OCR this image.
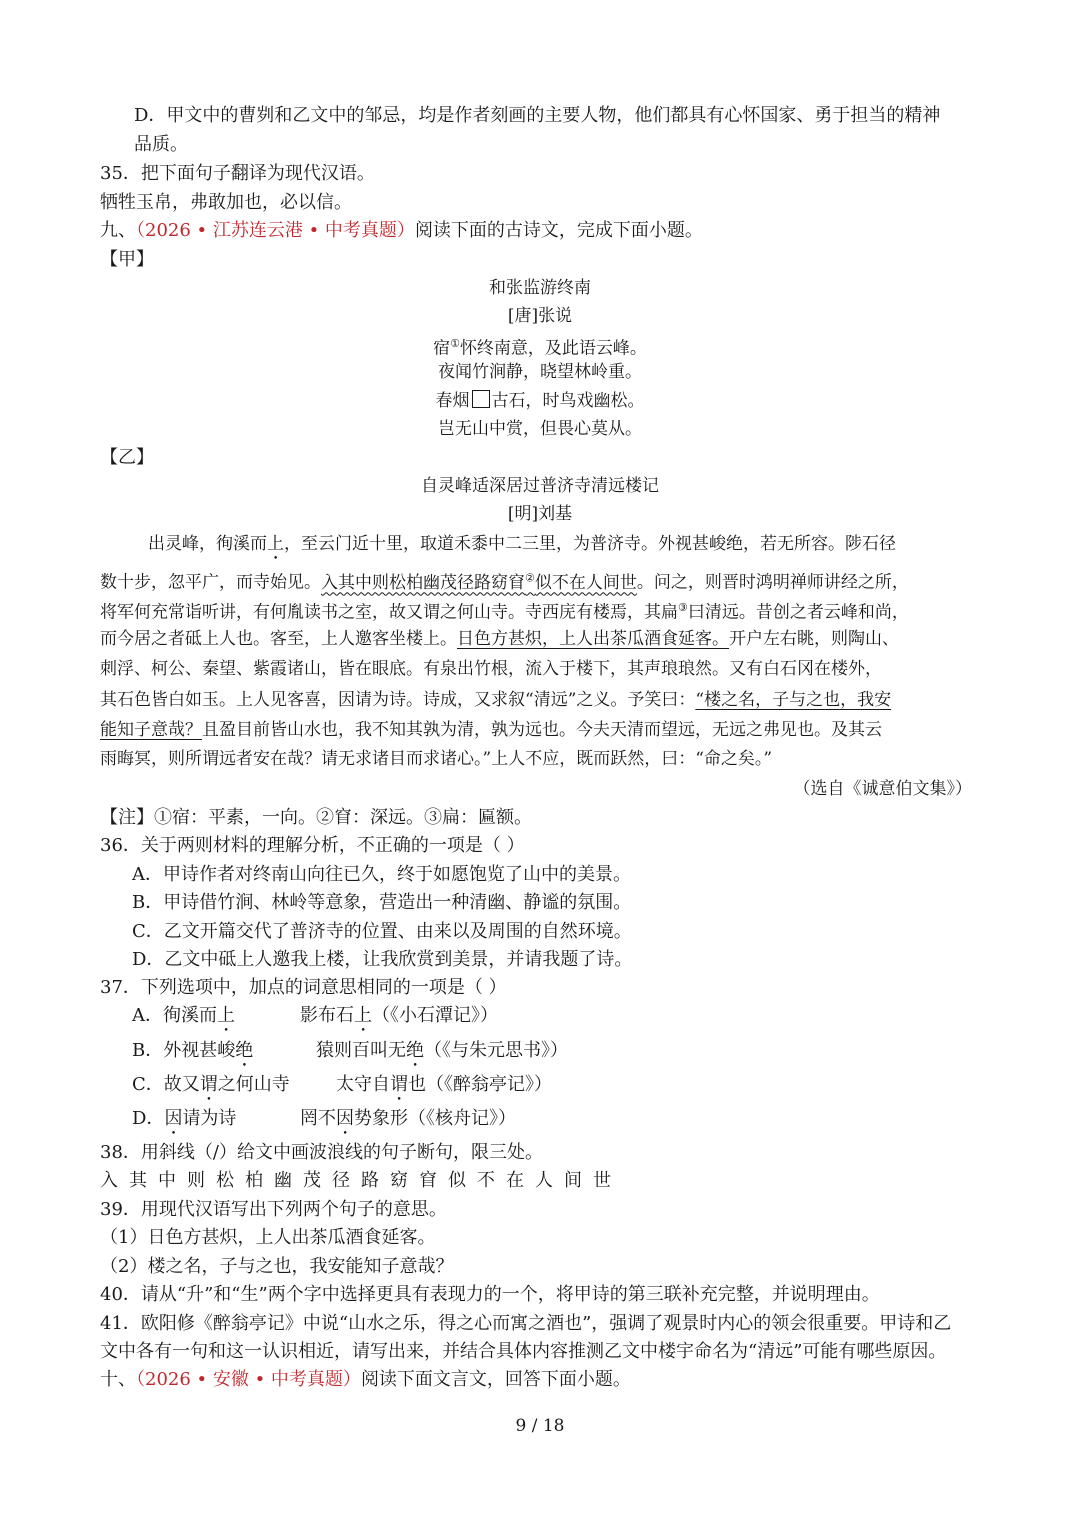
D．甲文中的曹刿和乙文中的邹忌，均是作者刻画的主要人物，他们都具有心怀国家、勇于担当的精神
品质。
35．把下面句子翻译为现代汉语。
牺牲玉帛，弗敢加也，必以信。
九、（2026 • 江苏连云港 • 中考真题）阅读下面的古诗文，完成下面小题。
【甲】
和张监游终南
[唐]张说
宿①怀终南意，及此语云峰。
夜闻竹涧静，晓望林岭重。
春烟 古石，时鸟戏幽松。
岂无山中赏，但畏心莫从。
【乙】
自灵峰适深居过普济寺清远楼记
[明]刘基
出灵峰，徇溪而上，至云门近十里，取道禾黍中二三里，为普济寺。外视甚峻绝，若无所容。陟石径
数十步，忽平广，而寺始见。入其中则松柏幽茂径路窈窅②似不在人间世。问之，则晋时鸿明禅师讲经之所，
将军何充常诣听讲，有何胤读书之室，故又谓之何山寺。寺西庑有楼焉，其扁③曰清远。昔创之者云峰和尚，
而今居之者砥上人也。客至，上人邀客坐楼上。日色方甚炽，上人出茶瓜酒食延客。开户左右眺，则陶山、
刺浮、柯公、秦望、紫霞诸山，皆在眼底。有泉出竹根，流入于楼下，其声琅琅然。又有白石冈在楼外，
其石色皆白如玉。上人见客喜，因请为诗。诗成，又求叙“清远”之义。予笑曰：“楼之名，子与之也，我安
能知子意哉？且盈目前皆山水也，我不知其孰为清，孰为远也。今夫天清而望远，无远之弗见也。及其云
雨晦冥，则所谓远者安在哉？请无求诸目而求诸心。”上人不应，既而跃然，曰：“命之矣。”
（选自《诚意伯文集》）
【注】①宿：平素，一向。②窅：深远。③扁：匾额。
36．关于两则材料的理解分析，不正确的一项是（ ）
A．甲诗作者对终南山向往已久，终于如愿饱览了山中的美景。
B．甲诗借竹涧、林岭等意象，营造出一种清幽、静谧的氛围。
C．乙文开篇交代了普济寺的位置、由来以及周围的自然环境。
D．乙文中砥上人邀我上楼，让我欣赏到美景，并请我题了诗。
37．下列选项中，加点的词意思相同的一项是（ ）
A．徇溪而上	影布石上（《小石潭记》）
B．外视甚峻绝	猿则百叫无绝（《与朱元思书》）
C．故又谓之何山寺	太守自谓也（《醉翁亭记》）
D．因请为诗	罔不因势象形（《核舟记》）
38．用斜线（/）给文中画波浪线的句子断句，限三处。
入其中则松柏幽茂径路窈窅似不在人间世
39．用现代汉语写出下列两个句子的意思。
（1）日色方甚炽，上人出茶瓜酒食延客。
（2）楼之名，子与之也，我安能知子意哉？
40．请从“升”和“生”两个字中选择更具有表现力的一个，将甲诗的第三联补充完整，并说明理由。
41．欧阳修《醉翁亭记》中说“山水之乐，得之心而寓之酒也”，强调了观景时内心的领会很重要。甲诗和乙
文中各有一句和这一认识相近，请写出来，并结合具体内容推测乙文中楼宇命名为“清远”可能有哪些原因。
十、（2026 • 安徽 • 中考真题）阅读下面文言文，回答下面小题。
9 / 18
